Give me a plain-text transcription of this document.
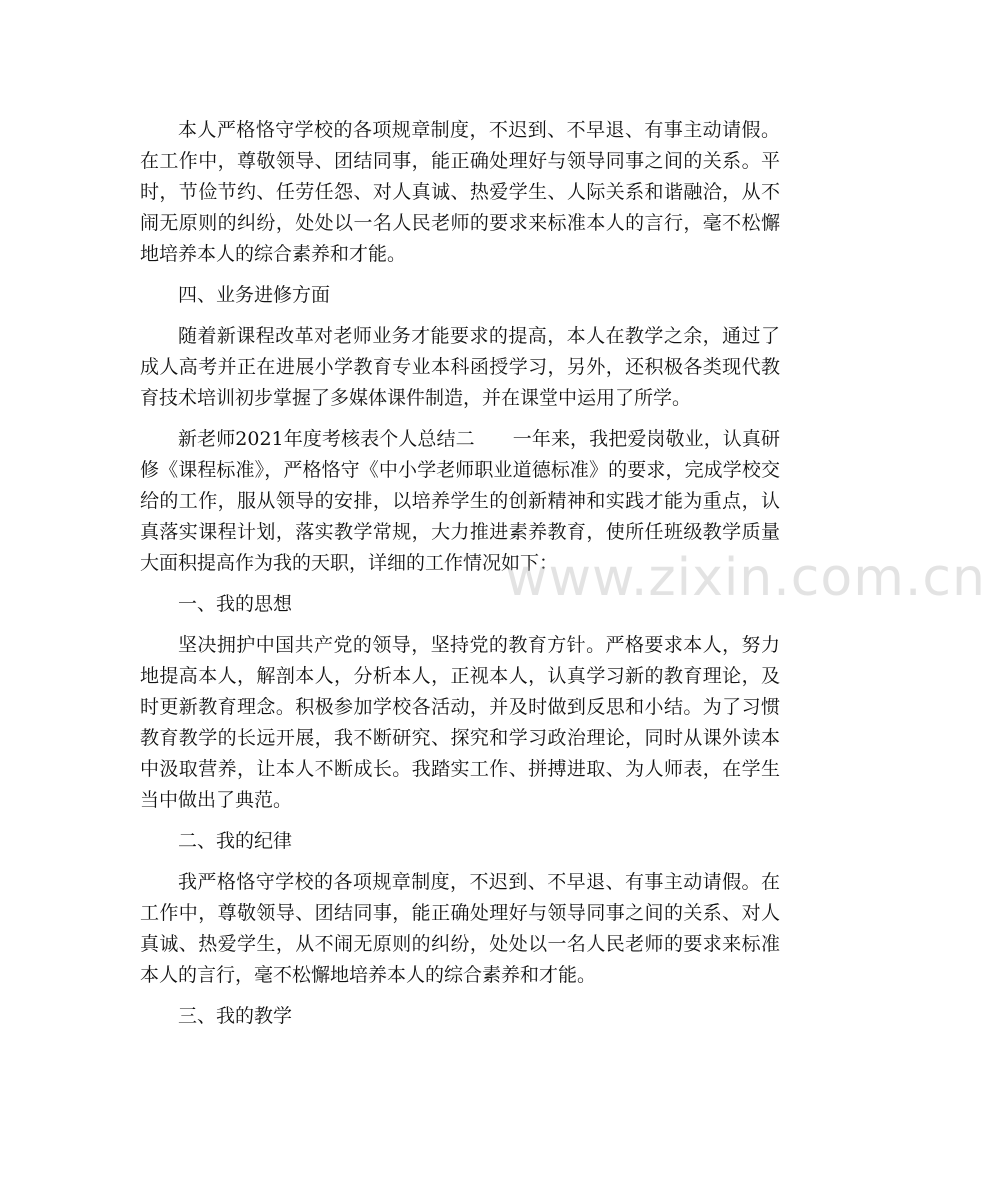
本人严格恪守学校的各项规章制度，不迟到、不早退、有事主动请假。在工作中，尊敬领导、团结同事，能正确处理好与领导同事之间的关系。平时，节俭节约、任劳任怨、对人真诚、热爱学生、人际关系和谐融洽，从不闹无原则的纠纷，处处以一名人民老师的要求来标准本人的言行，毫不松懈地培养本人的综合素养和才能。

四、业务进修方面

随着新课程改革对老师业务才能要求的提高，本人在教学之余，通过了成人高考并正在进展小学教育专业本科函授学习，另外，还积极各类现代教育技术培训初步掌握了多媒体课件制造，并在课堂中运用了所学。

新老师2021年度考核表个人总结二 一年来，我把爱岗敬业，认真研修《课程标准》，严格恪守《中小学老师职业道德标准》的要求，完成学校交给的工作，服从领导的安排，以培养学生的创新精神和实践才能为重点，认真落实课程计划，落实教学常规，大力推进素养教育，使所任班级教学质量大面积提高作为我的天职，详细的工作情况如下：

一、我的思想

坚决拥护中国共产党的领导，坚持党的教育方针。严格要求本人，努力地提高本人，解剖本人，分析本人，正视本人，认真学习新的教育理论，及时更新教育理念。积极参加学校各活动，并及时做到反思和小结。为了习惯教育教学的长远开展，我不断研究、探究和学习政治理论，同时从课外读本中汲取营养，让本人不断成长。我踏实工作、拼搏进取、为人师表，在学生当中做出了典范。

二、我的纪律

我严格恪守学校的各项规章制度，不迟到、不早退、有事主动请假。在工作中，尊敬领导、团结同事，能正确处理好与领导同事之间的关系、对人真诚、热爱学生，从不闹无原则的纠纷，处处以一名人民老师的要求来标准本人的言行，毫不松懈地培养本人的综合素养和才能。

三、我的教学

www.zixin.com.cn
